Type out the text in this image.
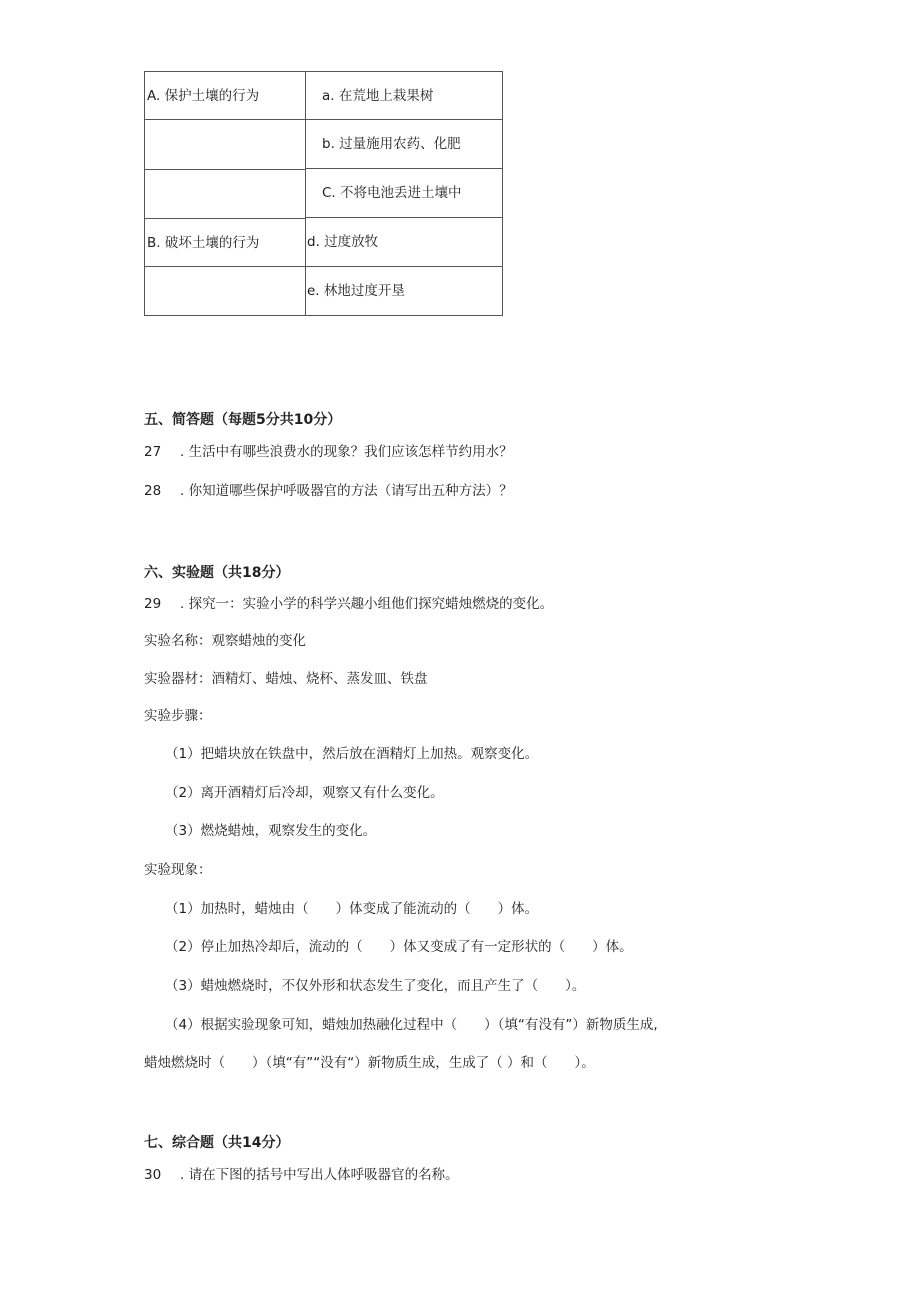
A. 保护土壤的行为	a. 在荒地上栽果树
b. 过量施用农药、化肥
C. 不将电池丢进土壤中
B. 破坏土壤的行为	d. 过度放牧
e. 林地过度开垦
五、简答题（每题5分共10分）
27 . 生活中有哪些浪费水的现象？我们应该怎样节约用水？
28 . 你知道哪些保护呼吸器官的方法（请写出五种方法）？
六、实验题（共18分）
29 . 探究一：实验小学的科学兴趣小组他们探究蜡烛燃烧的变化。
实验名称：观察蜡烛的变化
实验器材：酒精灯、蜡烛、烧杯、蒸发皿、铁盘
实验步骤：
（1）把蜡块放在铁盘中，然后放在酒精灯上加热。观察变化。
（2）离开酒精灯后冷却，观察又有什么变化。
（3）燃烧蜡烛，观察发生的变化。
实验现象：
（1）加热时，蜡烛由（　　）体变成了能流动的（　　）体。
（2）停止加热冷却后，流动的（　　）体又变成了有一定形状的（　　）体。
（3）蜡烛燃烧时，不仅外形和状态发生了变化，而且产生了（　　）。
（4）根据实验现象可知，蜡烛加热融化过程中（　　）（填“有没有”）新物质生成,
蜡烛燃烧时（　　）（填“有”“没有“）新物质生成，生成了（ ）和（　　）。
七、综合题（共14分）
30 . 请在下图的括号中写出人体呼吸器官的名称。
